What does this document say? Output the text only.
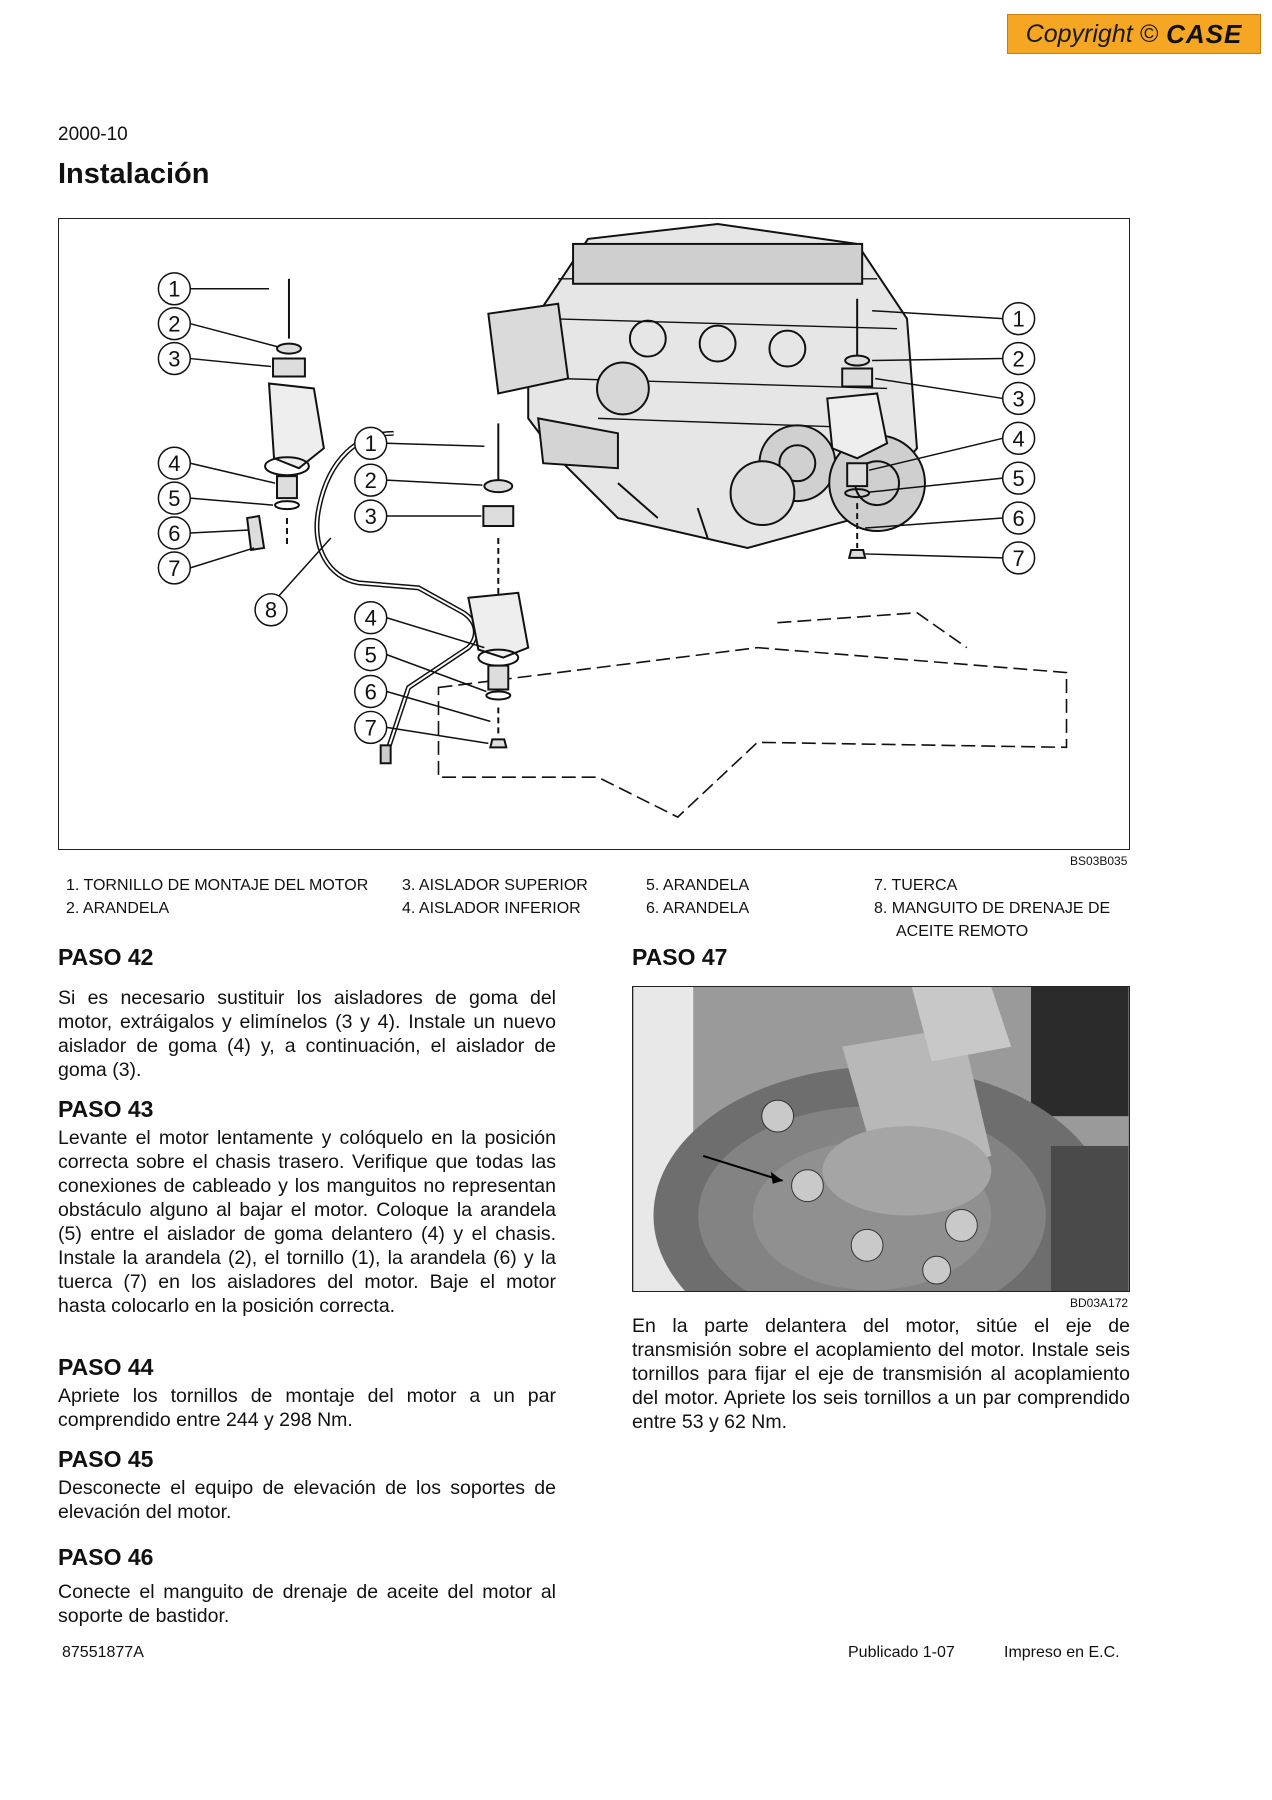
Copyright © CASE
2000-10
Instalación
1
2
3
4
5
6
7
8
1
2
3
4
5
6
7
1
2
3
4
5
6
7
BS03B035
1. TORNILLO DE MONTAJE DEL MOTOR
2. ARANDELA
3. AISLADOR SUPERIOR
4. AISLADOR INFERIOR
5. ARANDELA
6. ARANDELA
7. TUERCA
8. MANGUITO DE DRENAJE DE
ACEITE REMOTO
PASO 42
Si es necesario sustituir los aisladores de goma del motor, extráigalos y elimínelos (3 y 4). Instale un nuevo aislador de goma (4) y, a continuación, el aislador de goma (3).
PASO 43
Levante el motor lentamente y colóquelo en la posición correcta sobre el chasis trasero. Verifique que todas las conexiones de cableado y los manguitos no representan obstáculo alguno al bajar el motor. Coloque la arandela (5) entre el aislador de goma delantero (4) y el chasis. Instale la arandela (2), el tornillo (1), la arandela (6) y la tuerca (7) en los aisladores del motor. Baje el motor hasta colocarlo en la posición correcta.
PASO 44
Apriete los tornillos de montaje del motor a un par comprendido entre 244 y 298 Nm.
PASO 45
Desconecte el equipo de elevación de los soportes de elevación del motor.
PASO 46
Conecte el manguito de drenaje de aceite del motor al soporte de bastidor.
PASO 47
BD03A172
En la parte delantera del motor, sitúe el eje de transmisión sobre el acoplamiento del motor. Instale seis tornillos para fijar el eje de transmisión al acoplamiento del motor. Apriete los seis tornillos a un par comprendido entre 53 y 62 Nm.
87551877A	Publicado 1-07	Impreso en E.C.
